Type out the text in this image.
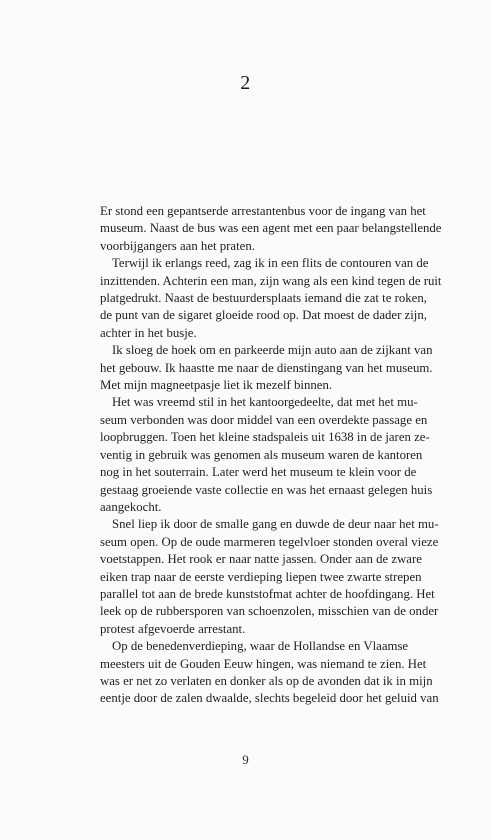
2

Er stond een gepantserde arrestantenbus voor de ingang van het
museum. Naast de bus was een agent met een paar belangstellende
voorbijgangers aan het praten.

Terwijl ik erlangs reed, zag ik in een flits de contouren van de
inzittenden. Achterin een man, zijn wang als een kind tegen de ruit
platgedrukt. Naast de bestuurdersplaats iemand die zat te roken,
de punt van de sigaret gloeide rood op. Dat moest de dader zijn,
achter in het busje.

Ik sloeg de hoek om en parkeerde mijn auto aan de zijkant van
het gebouw. Ik haastte me naar de dienstingang van het museum.
Met mijn magneetpasje liet ik mezelf binnen.

Het was vreemd stil in het kantoorgedeelte, dat met het mu-
seum verbonden was door middel van een overdekte passage en
loopbruggen. Toen het kleine stadspaleis uit 1638 in de jaren ze-
ventig in gebruik was genomen als museum waren de kantoren
nog in het souterrain. Later werd het museum te klein voor de
gestaag groeiende vaste collectie en was het ernaast gelegen huis
aangekocht.

Snel liep ik door de smalle gang en duwde de deur naar het mu-
seum open. Op de oude marmeren tegelvloer stonden overal vieze
voetstappen. Het rook er naar natte jassen. Onder aan de zware
eiken trap naar de eerste verdieping liepen twee zwarte strepen
parallel tot aan de brede kunststofmat achter de hoofdingang. Het
leek op de rubbersporen van schoenzolen, misschien van de onder
protest afgevoerde arrestant.

Op de benedenverdieping, waar de Hollandse en Vlaamse
meesters uit de Gouden Eeuw hingen, was niemand te zien. Het
was er net zo verlaten en donker als op de avonden dat ik in mijn
eentje door de zalen dwaalde, slechts begeleid door het geluid van

9
